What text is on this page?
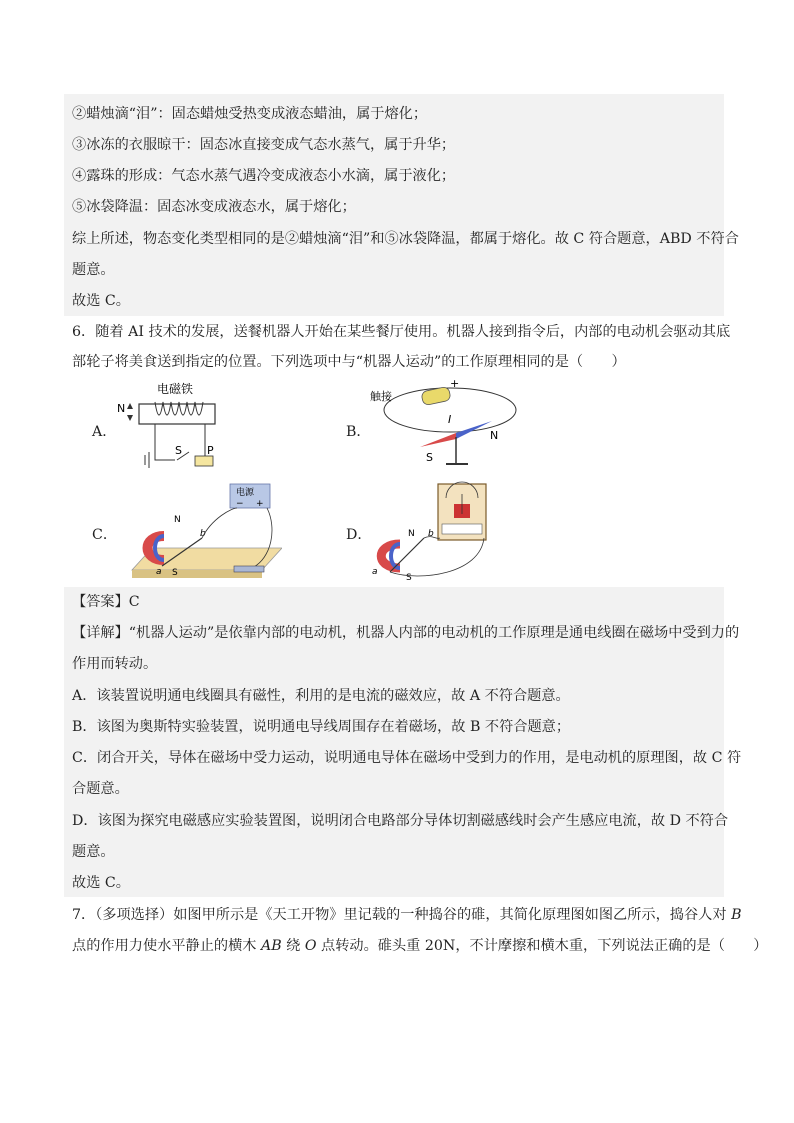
②蜡烛滴“泪”：固态蜡烛受热变成液态蜡油，属于熔化；
③冰冻的衣服晾干：固态冰直接变成气态水蒸气，属于升华；
④露珠的形成：气态水蒸气遇冷变成液态小水滴，属于液化；
⑤冰袋降温：固态冰变成液态水，属于熔化；
综上所述，物态变化类型相同的是②蜡烛滴“泪”和⑤冰袋降温，都属于熔化。故 C 符合题意，ABD 不符合
题意。
故选 C。
6．随着 AI 技术的发展，送餐机器人开始在某些餐厅使用。机器人接到指令后，内部的电动机会驱动其底
部轮子将美食送到指定的位置。下列选项中与“机器人运动”的工作原理相同的是（　　）
A．	B．
C．	D．
电磁铁
N
S P
触接
+
I
N
S
电源
− +
N
S
a
b	N
S
a
b
【答案】C
【详解】“机器人运动”是依靠内部的电动机，机器人内部的电动机的工作原理是通电线圈在磁场中受到力的
作用而转动。
A．该装置说明通电线圈具有磁性，利用的是电流的磁效应，故 A 不符合题意。
B．该图为奥斯特实验装置，说明通电导线周围存在着磁场，故 B 不符合题意；
C．闭合开关，导体在磁场中受力运动，说明通电导体在磁场中受到力的作用，是电动机的原理图，故 C 符
合题意。
D．该图为探究电磁感应实验装置图，说明闭合电路部分导体切割磁感线时会产生感应电流，故 D 不符合
题意。
故选 C。
7．（多项选择）如图甲所示是《天工开物》里记载的一种捣谷的碓，其简化原理图如图乙所示，捣谷人对 B
点的作用力使水平静止的横木 AB 绕 O 点转动。碓头重 20N，不计摩擦和横木重，下列说法正确的是（　　）
